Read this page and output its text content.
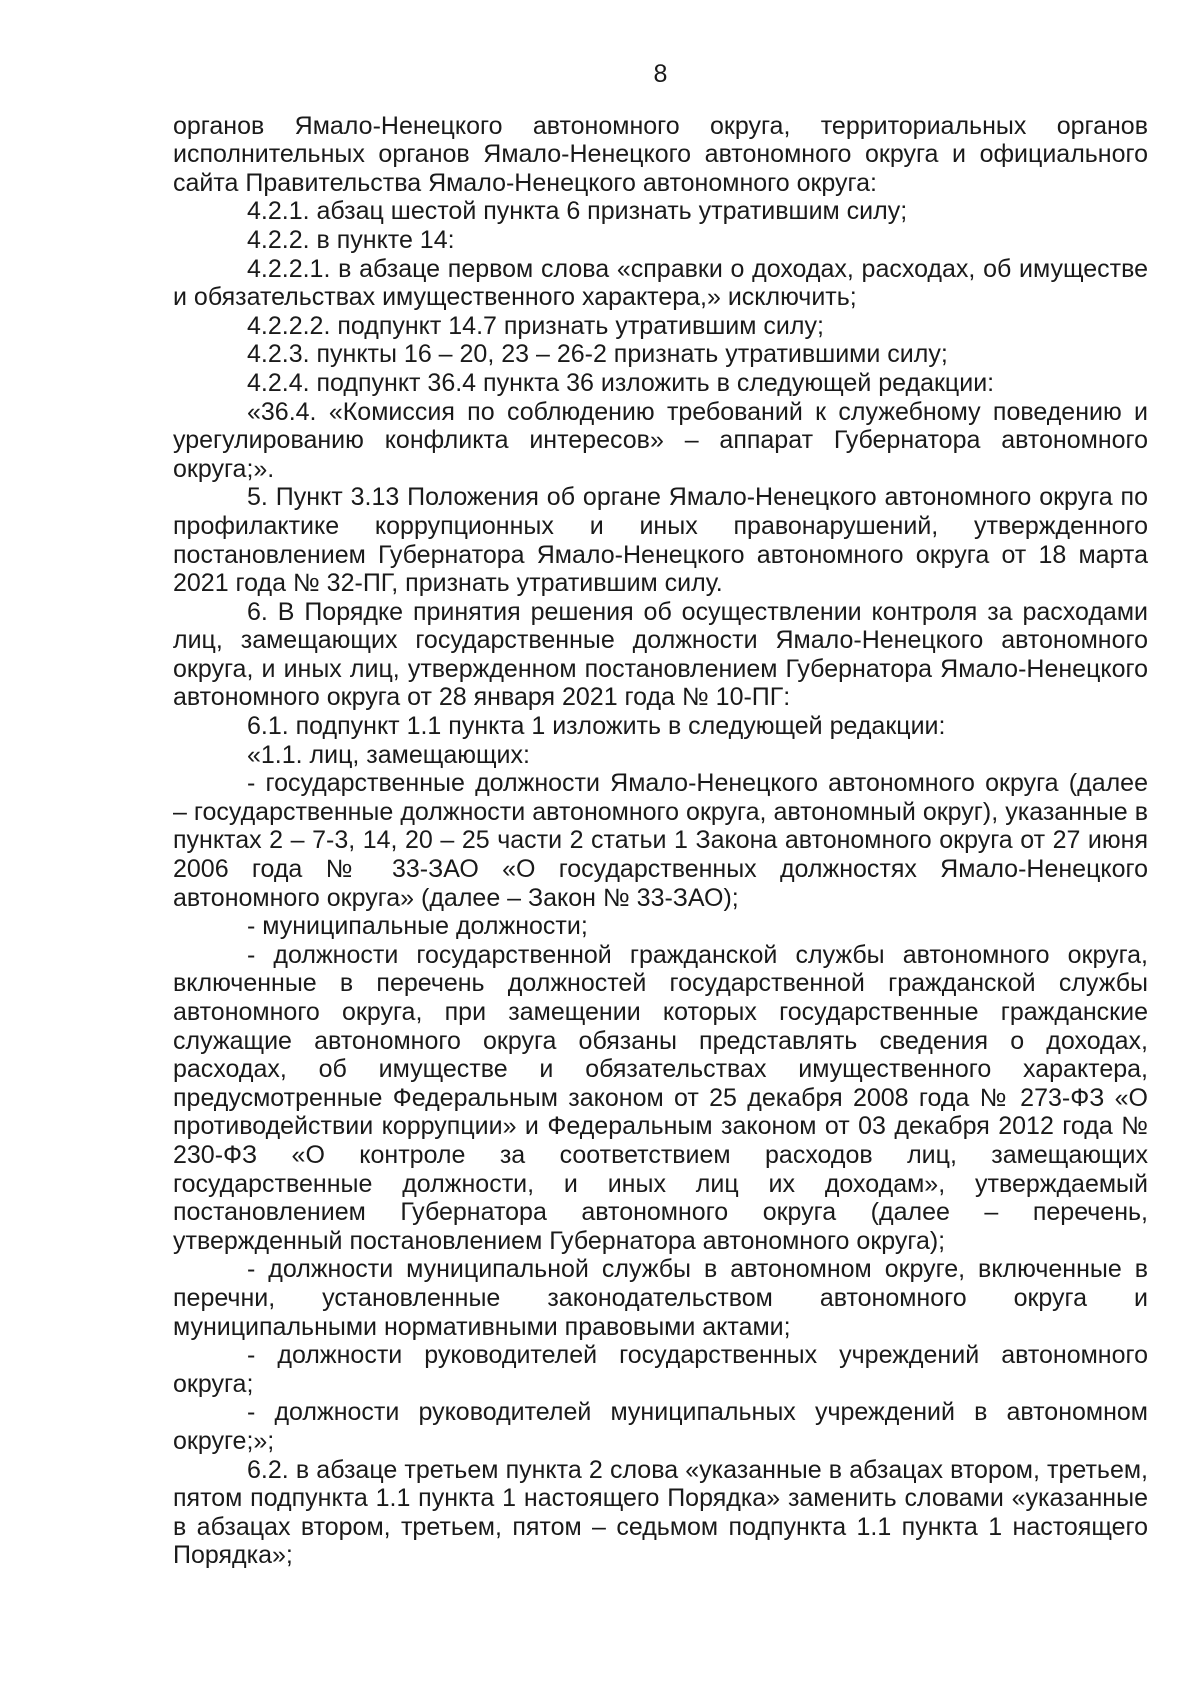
8

органов Ямало-Ненецкого автономного округа, территориальных органов исполнительных органов Ямало-Ненецкого автономного округа и официального сайта Правительства Ямало-Ненецкого автономного округа:

4.2.1. абзац шестой пункта 6 признать утратившим силу;

4.2.2. в пункте 14:

4.2.2.1. в абзаце первом слова «справки о доходах, расходах, об имуществе и обязательствах имущественного характера,» исключить;

4.2.2.2. подпункт 14.7 признать утратившим силу;

4.2.3. пункты 16 – 20, 23 – 26-2 признать утратившими силу;

4.2.4. подпункт 36.4 пункта 36 изложить в следующей редакции:

«36.4. «Комиссия по соблюдению требований к служебному поведению и урегулированию конфликта интересов» – аппарат Губернатора автономного округа;».

5. Пункт 3.13 Положения об органе Ямало-Ненецкого автономного округа по профилактике коррупционных и иных правонарушений, утвержденного постановлением Губернатора Ямало-Ненецкого автономного округа от 18 марта 2021 года № 32-ПГ, признать утратившим силу.

6. В Порядке принятия решения об осуществлении контроля за расходами лиц, замещающих государственные должности Ямало-Ненецкого автономного округа, и иных лиц, утвержденном постановлением Губернатора Ямало-Ненецкого автономного округа от 28 января 2021 года № 10-ПГ:

6.1. подпункт 1.1 пункта 1 изложить в следующей редакции:

«1.1. лиц, замещающих:

- государственные должности Ямало-Ненецкого автономного округа (далее – государственные должности автономного округа, автономный округ), указанные в пунктах 2 – 7-3, 14, 20 – 25 части 2 статьи 1 Закона автономного округа от 27 июня 2006 года № 33-ЗАО «О государственных должностях Ямало-Ненецкого автономного округа» (далее – Закон № 33-ЗАО);

- муниципальные должности;

- должности государственной гражданской службы автономного округа, включенные в перечень должностей государственной гражданской службы автономного округа, при замещении которых государственные гражданские служащие автономного округа обязаны представлять сведения о доходах, расходах, об имуществе и обязательствах имущественного характера, предусмотренные Федеральным законом от 25 декабря 2008 года № 273-ФЗ «О противодействии коррупции» и Федеральным законом от 03 декабря 2012 года № 230-ФЗ «О контроле за соответствием расходов лиц, замещающих государственные должности, и иных лиц их доходам», утверждаемый постановлением Губернатора автономного округа (далее – перечень, утвержденный постановлением Губернатора автономного округа);

- должности муниципальной службы в автономном округе, включенные в перечни, установленные законодательством автономного округа и муниципальными нормативными правовыми актами;

- должности руководителей государственных учреждений автономного округа;

- должности руководителей муниципальных учреждений в автономном округе;»;

6.2. в абзаце третьем пункта 2 слова «указанные в абзацах втором, третьем, пятом подпункта 1.1 пункта 1 настоящего Порядка» заменить словами «указанные в абзацах втором, третьем, пятом – седьмом подпункта 1.1 пункта 1 настоящего Порядка»;
